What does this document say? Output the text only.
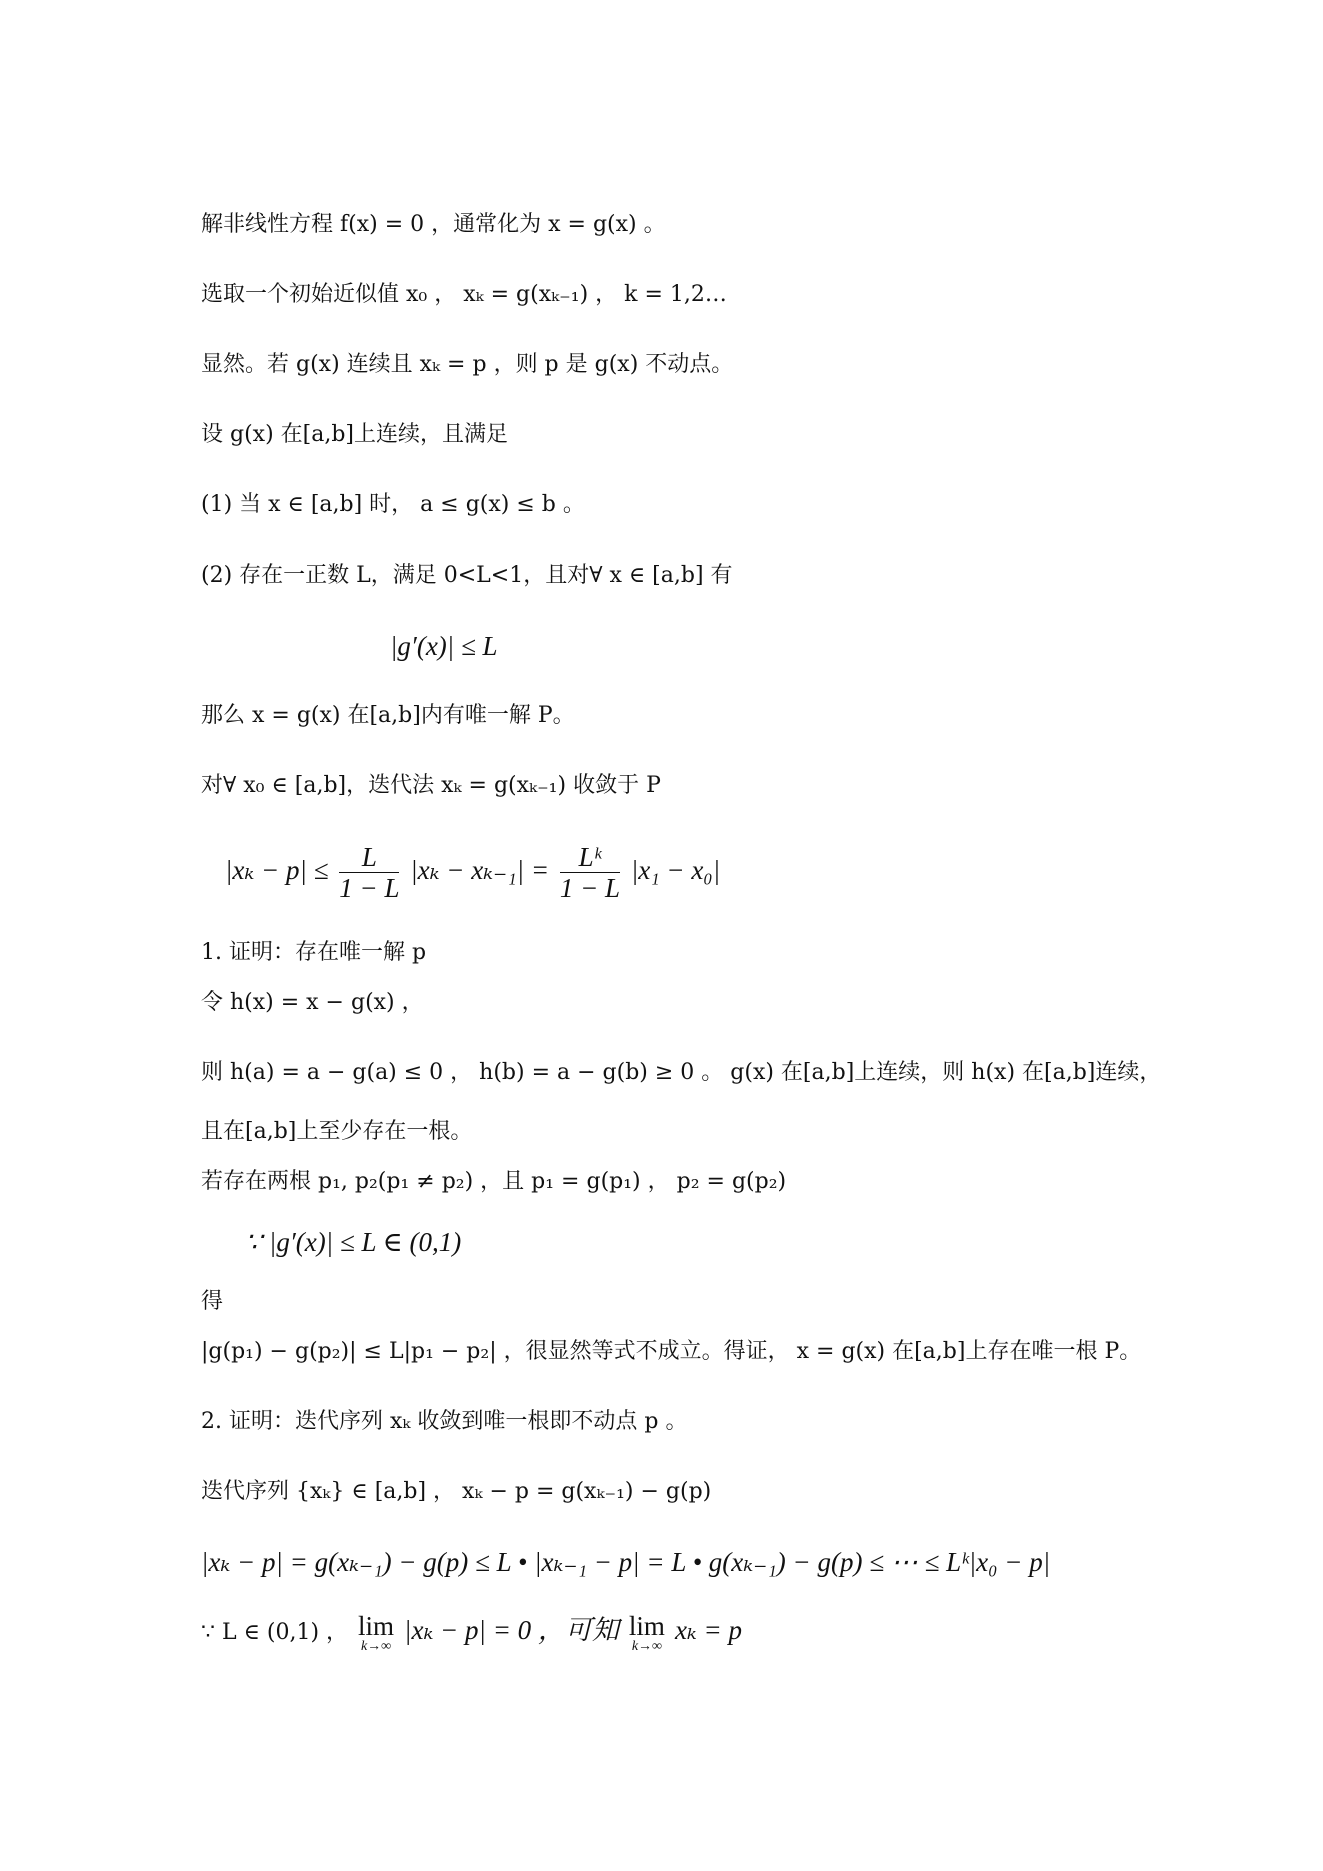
解非线性方程 f(x) = 0 ，通常化为 x = g(x) 。
选取一个初始近似值 x₀ ， xₖ = g(xₖ₋₁) ， k = 1,2…
显然。若 g(x) 连续且 xₖ = p ，则 p 是 g(x) 不动点。
设 g(x) 在[a,b]上连续，且满足
(1) 当 x ∈ [a,b] 时， a ≤ g(x) ≤ b 。
(2) 存在一正数 L，满足 0<L<1，且对∀ x ∈ [a,b] 有
|g′(x)| ≤ L
那么 x = g(x) 在[a,b]内有唯一解 P。
对∀ x₀ ∈ [a,b]，迭代法 xₖ = g(xₖ₋₁) 收敛于 P
$|x_k - p| \le \frac{L}{1 - L} |x_k - x_{k-1}| = \frac{\text{Lᵏ}}{1 - L} |x_1 - x_0|$
1. 证明：存在唯一解 p
令 h(x) = x − g(x) ，
则 h(a) = a − g(a) ≤ 0 ， h(b) = a − g(b) ≥ 0 。 g(x) 在[a,b]上连续，则 h(x) 在[a,b]连续，
且在[a,b]上至少存在一根。
若存在两根 p₁, p₂(p₁ ≠ p₂) ，且 p₁ = g(p₁) ， p₂ = g(p₂)
∵ |g′(x)| ≤ L ∈ (0,1)
得
|g(p₁) − g(p₂)| ≤ L|p₁ − p₂| ，很显然等式不成立。得证， x = g(x) 在[a,b]上存在唯一根 P。
2. 证明：迭代序列 xₖ 收敛到唯一根即不动点 p 。
迭代序列 {xₖ} ∈ [a,b] ， xₖ − p = g(xₖ₋₁) − g(p)
|xₖ − p| = g(xₖ₋₁) − g(p) ≤ L • |xₖ₋₁ − p| = L • g(xₖ₋₁) − g(p) ≤ ⋯ ≤ Lᵏ|x₀ − p|
∵ L ∈ (0,1) ， lim
k→∞
|xₖ − p| = 0 ，可知 lim
k→∞
xₖ = p
